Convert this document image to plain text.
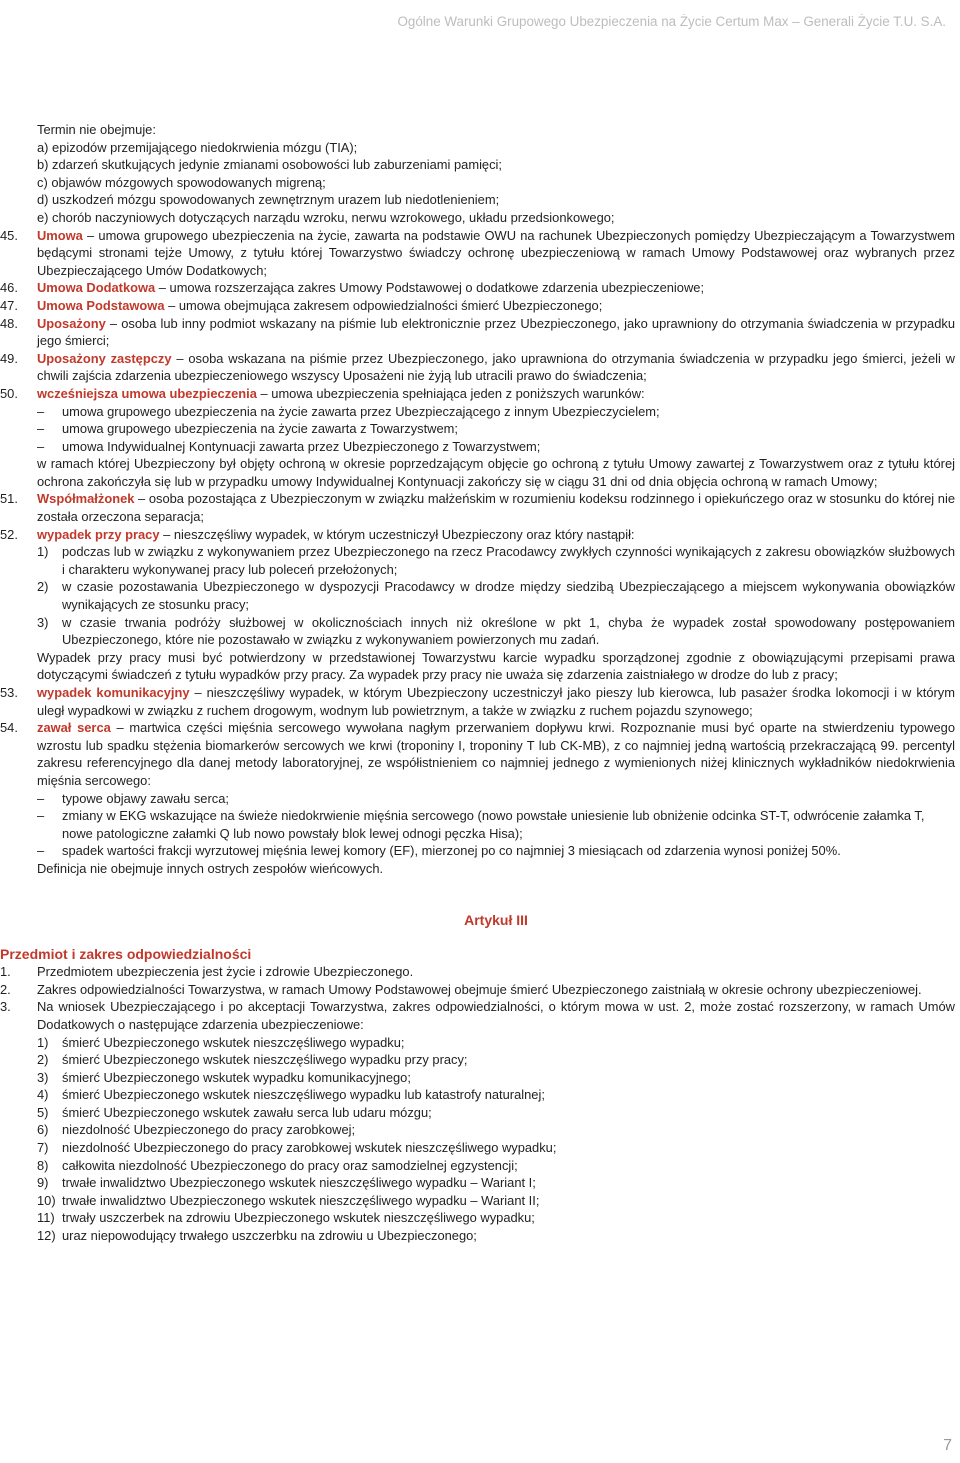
Ogólne Warunki Grupowego Ubezpieczenia na Życie Certum Max – Generali Życie T.U. S.A.
Termin nie obejmuje:
a) epizodów przemijającego niedokrwienia mózgu (TIA);
b) zdarzeń skutkujących jedynie zmianami osobowości lub zaburzeniami pamięci;
c) objawów mózgowych spowodowanych migreną;
d) uszkodzeń mózgu spowodowanych zewnętrznym urazem lub niedotlenieniem;
e) chorób naczyniowych dotyczących narządu wzroku, nerwu wzrokowego, układu przedsionkowego;
45. Umowa – umowa grupowego ubezpieczenia na życie, zawarta na podstawie OWU na rachunek Ubezpieczonych pomiędzy Ubezpieczającym a Towarzystwem będącymi stronami tejże Umowy, z tytułu której Towarzystwo świadczy ochronę ubezpieczeniową w ramach Umowy Podstawowej oraz wybranych przez Ubezpieczającego Umów Dodatkowych;
46. Umowa Dodatkowa – umowa rozszerzająca zakres Umowy Podstawowej o dodatkowe zdarzenia ubezpieczeniowe;
47. Umowa Podstawowa – umowa obejmująca zakresem odpowiedzialności śmierć Ubezpieczonego;
48. Uposażony – osoba lub inny podmiot wskazany na piśmie lub elektronicznie przez Ubezpieczonego, jako uprawniony do otrzymania świadczenia w przypadku jego śmierci;
49. Uposażony zastępczy – osoba wskazana na piśmie przez Ubezpieczonego, jako uprawniona do otrzymania świadczenia w przypadku jego śmierci, jeżeli w chwili zajścia zdarzenia ubezpieczeniowego wszyscy Uposażeni nie żyją lub utracili prawo do świadczenia;
50. wcześniejsza umowa ubezpieczenia – umowa ubezpieczenia spełniająca jeden z poniższych warunków:
– umowa grupowego ubezpieczenia na życie zawarta przez Ubezpieczającego z innym Ubezpieczycielem;
– umowa grupowego ubezpieczenia na życie zawarta z Towarzystwem;
– umowa Indywidualnej Kontynuacji zawarta przez Ubezpieczonego z Towarzystwem;
w ramach której Ubezpieczony był objęty ochroną w okresie poprzedzającym objęcie go ochroną z tytułu Umowy zawartej z Towarzystwem oraz z tytułu której ochrona zakończyła się lub w przypadku umowy Indywidualnej Kontynuacji zakończy się w ciągu 31 dni od dnia objęcia ochroną w ramach Umowy;
51. Współmałżonek – osoba pozostająca z Ubezpieczonym w związku małżeńskim w rozumieniu kodeksu rodzinnego i opiekuńczego oraz w stosunku do której nie została orzeczona separacja;
52. wypadek przy pracy – nieszczęśliwy wypadek, w którym uczestniczył Ubezpieczony oraz który nastąpił:
1) podczas lub w związku z wykonywaniem przez Ubezpieczonego na rzecz Pracodawcy zwykłych czynności wynikających z zakresu obowiązków służbowych i charakteru wykonywanej pracy lub poleceń przełożonych;
2) w czasie pozostawania Ubezpieczonego w dyspozycji Pracodawcy w drodze między siedzibą Ubezpieczającego a miejscem wykonywania obowiązków wynikających ze stosunku pracy;
3) w czasie trwania podróży służbowej w okolicznościach innych niż określone w pkt 1, chyba że wypadek został spowodowany postępowaniem Ubezpieczonego, które nie pozostawało w związku z wykonywaniem powierzonych mu zadań.
Wypadek przy pracy musi być potwierdzony w przedstawionej Towarzystwu karcie wypadku sporządzonej zgodnie z obowiązującymi przepisami prawa dotyczącymi świadczeń z tytułu wypadków przy pracy. Za wypadek przy pracy nie uważa się zdarzenia zaistniałego w drodze do lub z pracy;
53. wypadek komunikacyjny – nieszczęśliwy wypadek, w którym Ubezpieczony uczestniczył jako pieszy lub kierowca, lub pasażer środka lokomocji i w którym uległ wypadkowi w związku z ruchem drogowym, wodnym lub powietrznym, a także w związku z ruchem pojazdu szynowego;
54. zawał serca – martwica części mięśnia sercowego wywołana nagłym przerwaniem dopływu krwi. Rozpoznanie musi być oparte na stwierdzeniu typowego wzrostu lub spadku stężenia biomarkerów sercowych we krwi (troponiny I, troponiny T lub CK-MB), z co najmniej jedną wartością przekraczającą 99. percentyl zakresu referencyjnego dla danej metody laboratoryjnej, ze współistnieniem co najmniej jednego z wymienionych niżej klinicznych wykładników niedokrwienia mięśnia sercowego:
– typowe objawy zawału serca;
– zmiany w EKG wskazujące na świeże niedokrwienie mięśnia sercowego (nowo powstałe uniesienie lub obniżenie odcinka ST-T, odwrócenie załamka T, nowe patologiczne załamki Q lub nowo powstały blok lewej odnogi pęczka Hisa);
– spadek wartości frakcji wyrzutowej mięśnia lewej komory (EF), mierzonej po co najmniej 3 miesiącach od zdarzenia wynosi poniżej 50%.
Definicja nie obejmuje innych ostrych zespołów wieńcowych.
Artykuł III
Przedmiot i zakres odpowiedzialności
1. Przedmiotem ubezpieczenia jest życie i zdrowie Ubezpieczonego.
2. Zakres odpowiedzialności Towarzystwa, w ramach Umowy Podstawowej obejmuje śmierć Ubezpieczonego zaistniałą w okresie ochrony ubezpieczeniowej.
3. Na wniosek Ubezpieczającego i po akceptacji Towarzystwa, zakres odpowiedzialności, o którym mowa w ust. 2, może zostać rozszerzony, w ramach Umów Dodatkowych o następujące zdarzenia ubezpieczeniowe:
1) śmierć Ubezpieczonego wskutek nieszczęśliwego wypadku;
2) śmierć Ubezpieczonego wskutek nieszczęśliwego wypadku przy pracy;
3) śmierć Ubezpieczonego wskutek wypadku komunikacyjnego;
4) śmierć Ubezpieczonego wskutek nieszczęśliwego wypadku lub katastrofy naturalnej;
5) śmierć Ubezpieczonego wskutek zawału serca lub udaru mózgu;
6) niezdolność Ubezpieczonego do pracy zarobkowej;
7) niezdolność Ubezpieczonego do pracy zarobkowej wskutek nieszczęśliwego wypadku;
8) całkowita niezdolność Ubezpieczonego do pracy oraz samodzielnej egzystencji;
9) trwałe inwalidztwo Ubezpieczonego wskutek nieszczęśliwego wypadku – Wariant I;
10) trwałe inwalidztwo Ubezpieczonego wskutek nieszczęśliwego wypadku – Wariant II;
11) trwały uszczerbek na zdrowiu Ubezpieczonego wskutek nieszczęśliwego wypadku;
12) uraz niepowodujący trwałego uszczerbku na zdrowiu u Ubezpieczonego;
7
